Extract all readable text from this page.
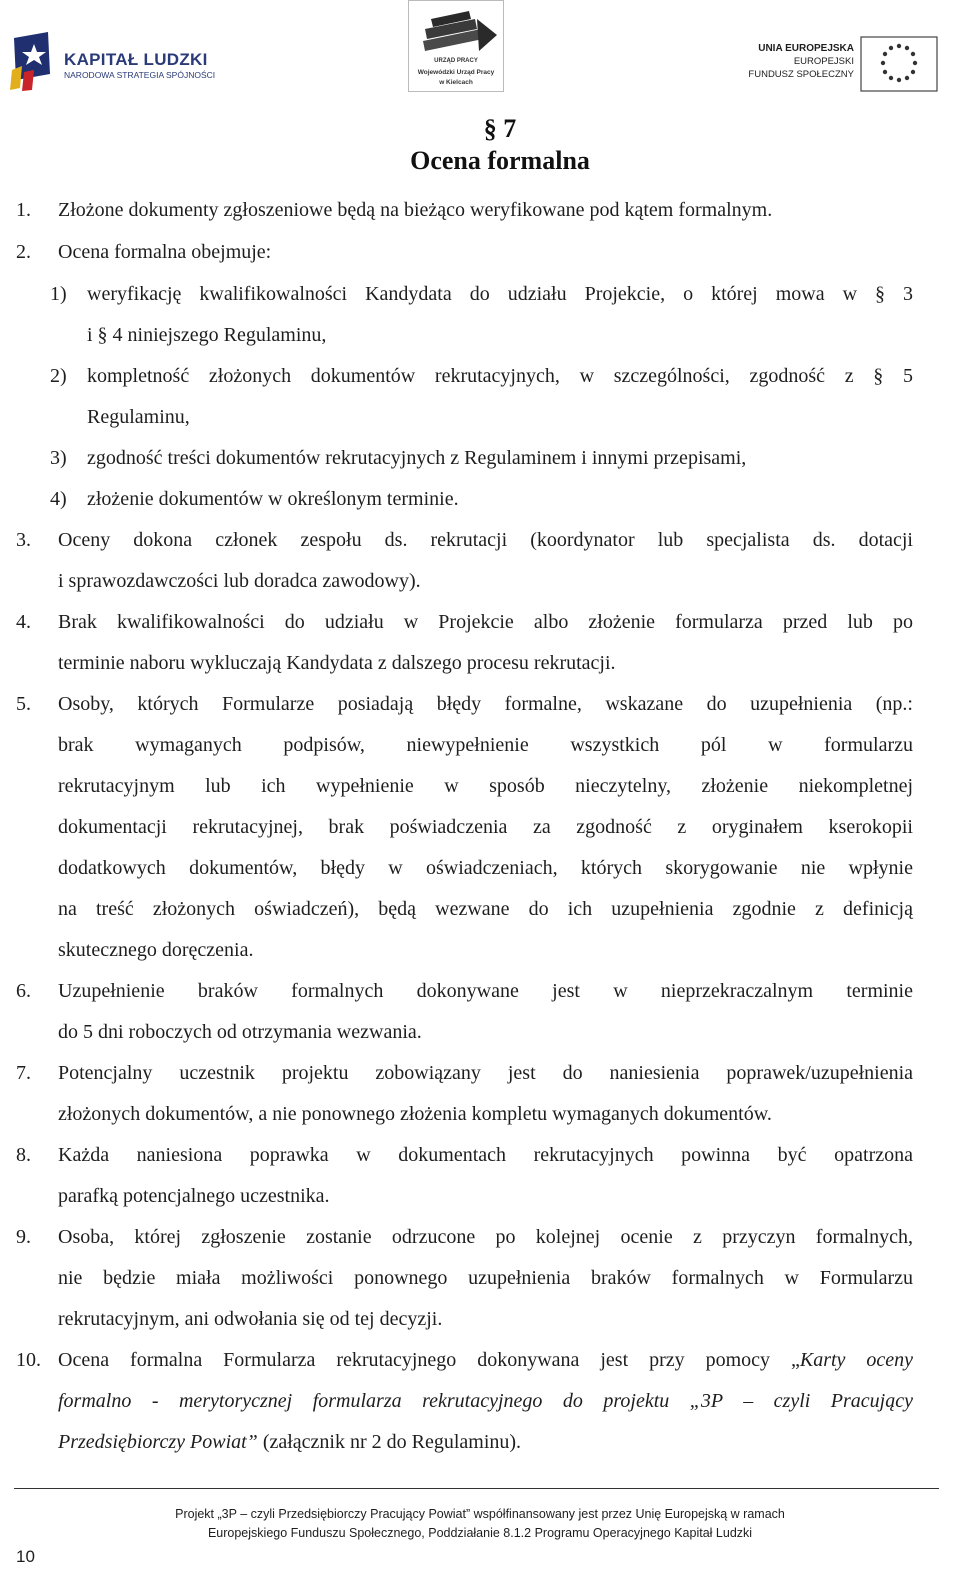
KAPITAŁ LUDZKI
NARODOWA STRATEGIA SPÓJNOŚCI
URZĄD PRACY
Wojewódzki Urząd Pracy
w Kielcach
UNIA EUROPEJSKA
EUROPEJSKI
FUNDUSZ SPOŁECZNY
§ 7
Ocena formalna
1. Złożone dokumenty zgłoszeniowe będą na bieżąco weryfikowane pod kątem formalnym.
2. Ocena formalna obejmuje:
1) weryfikację kwalifikowalności Kandydata do udziału Projekcie, o której mowa w § 3
i § 4 niniejszego Regulaminu,
2) kompletność złożonych dokumentów rekrutacyjnych, w szczególności, zgodność z § 5
Regulaminu,
3) zgodność treści dokumentów rekrutacyjnych z Regulaminem i innymi przepisami,
4) złożenie dokumentów w określonym terminie.
3. Oceny dokona członek zespołu ds. rekrutacji (koordynator lub specjalista ds. dotacji
i sprawozdawczości lub doradca zawodowy).
4. Brak kwalifikowalności do udziału w Projekcie albo złożenie formularza przed lub po
terminie naboru wykluczają Kandydata z dalszego procesu rekrutacji.
5. Osoby, których Formularze posiadają błędy formalne, wskazane do uzupełnienia (np.:
brak wymaganych podpisów, niewypełnienie wszystkich pól w formularzu
rekrutacyjnym lub ich wypełnienie w sposób nieczytelny, złożenie niekompletnej
dokumentacji rekrutacyjnej, brak poświadczenia za zgodność z oryginałem kserokopii
dodatkowych dokumentów, błędy w oświadczeniach, których skorygowanie nie wpłynie
na treść złożonych oświadczeń), będą wezwane do ich uzupełnienia zgodnie z definicją
skutecznego doręczenia.
6. Uzupełnienie braków formalnych dokonywane jest w nieprzekraczalnym terminie
do 5 dni roboczych od otrzymania wezwania.
7. Potencjalny uczestnik projektu zobowiązany jest do naniesienia poprawek/uzupełnienia
złożonych dokumentów, a nie ponownego złożenia kompletu wymaganych dokumentów.
8. Każda naniesiona poprawka w dokumentach rekrutacyjnych powinna być opatrzona
parafką potencjalnego uczestnika.
9. Osoba, której zgłoszenie zostanie odrzucone po kolejnej ocenie z przyczyn formalnych,
nie będzie miała możliwości ponownego uzupełnienia braków formalnych w Formularzu
rekrutacyjnym, ani odwołania się od tej decyzji.
10. Ocena formalna Formularza rekrutacyjnego dokonywana jest przy pomocy „Karty oceny
formalno - merytorycznej formularza rekrutacyjnego do projektu „3P – czyli Pracujący
Przedsiębiorczy Powiat” (załącznik nr 2 do Regulaminu).
Projekt „3P – czyli Przedsiębiorczy Pracujący Powiat” współfinansowany jest przez Unię Europejską w ramach
Europejskiego Funduszu Społecznego, Poddziałanie 8.1.2 Programu Operacyjnego Kapitał Ludzki
10
